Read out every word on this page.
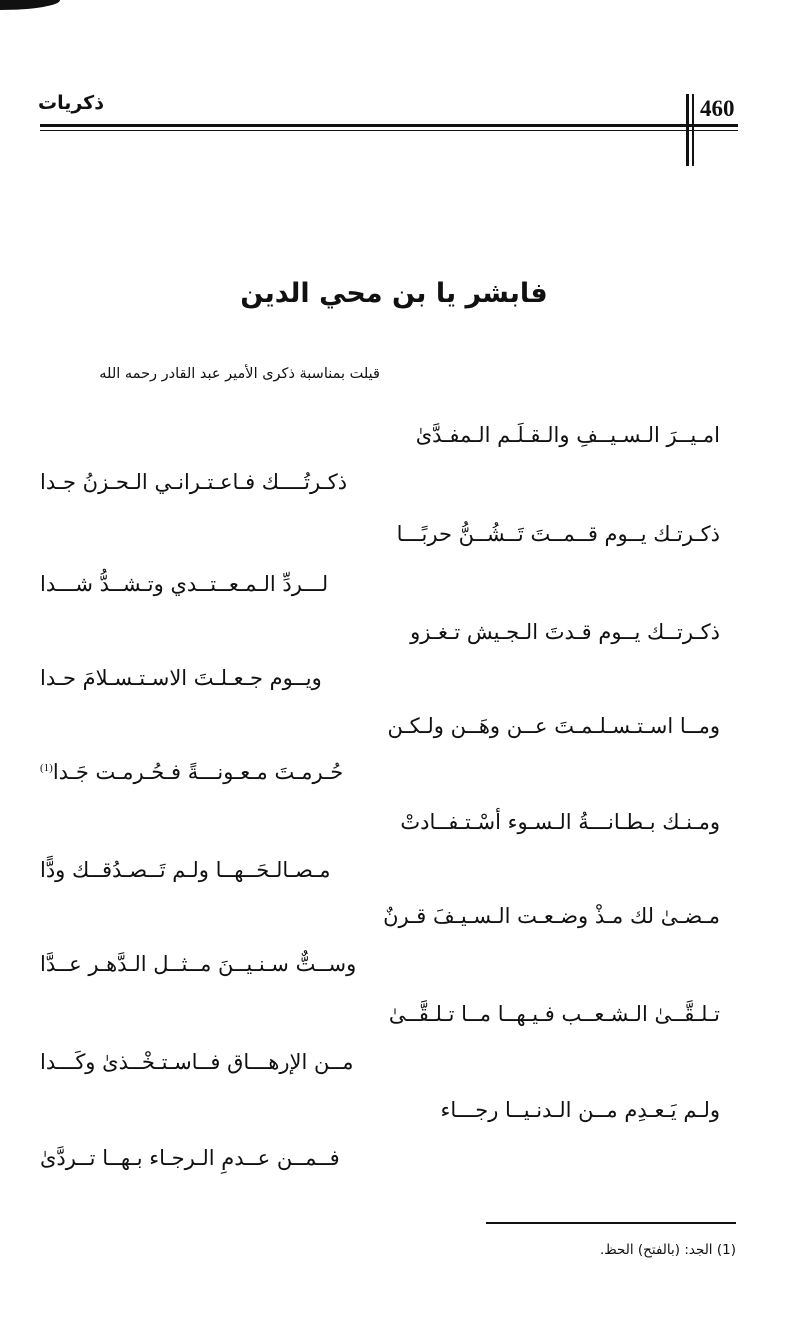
ذكريات	460
فابشر يا بن محي الدين
قيلت بمناسبة ذكرى الأمير عبد القادر رحمه الله
امـيــرَ الـسـيــفِ والـقـلَـم الـمفـدَّىٰ
ذكـرتُــــك فـاعـتـرانـي الـحـزنُ جـدا
ذكـرتـك يــوم قــمــتَ تَــشُــنُّ حربًـــا
لـــردِّ الـمـعــتــدي وتـشــدُّ شـــدا
ذكـرتــك يــوم قـدتَ الـجـيش تـغـزو
ويــوم جـعـلـتَ الاسـتـسـلامَ حـدا
ومــا اسـتـسـلـمـتَ عــن وهَــن ولـكـن
حُـرمـتَ مـعـونـــةً فـحُـرمـت جَـدا$^{(1)}$
ومـنـك بـطـانـــةُ الـسـوء أسْـتـفــادتْ
مـصـالـحَــهــا ولـم تَــصـدُقــك ودًّا
مـضـىٰ لك مـذْ وضـعـت الـسـيـفَ قـرنٌ
وســتٌّ سـنـيــنَ مــثــل الـدَّهـر عــدَّا
تـلـقَّــىٰ الـشـعــب فـيـهــا مــا تـلـقَّــىٰ
مــن الإرهـــاق فــاسـتـخْــذىٰ وكَـــدا
ولـم يَـعـدِم مــن الـدنـيــا رجـــاء
فــمــن عــدمِ الـرجـاء بـهــا تــردَّىٰ
(1) الجد: (بالفتح) الحظ.
